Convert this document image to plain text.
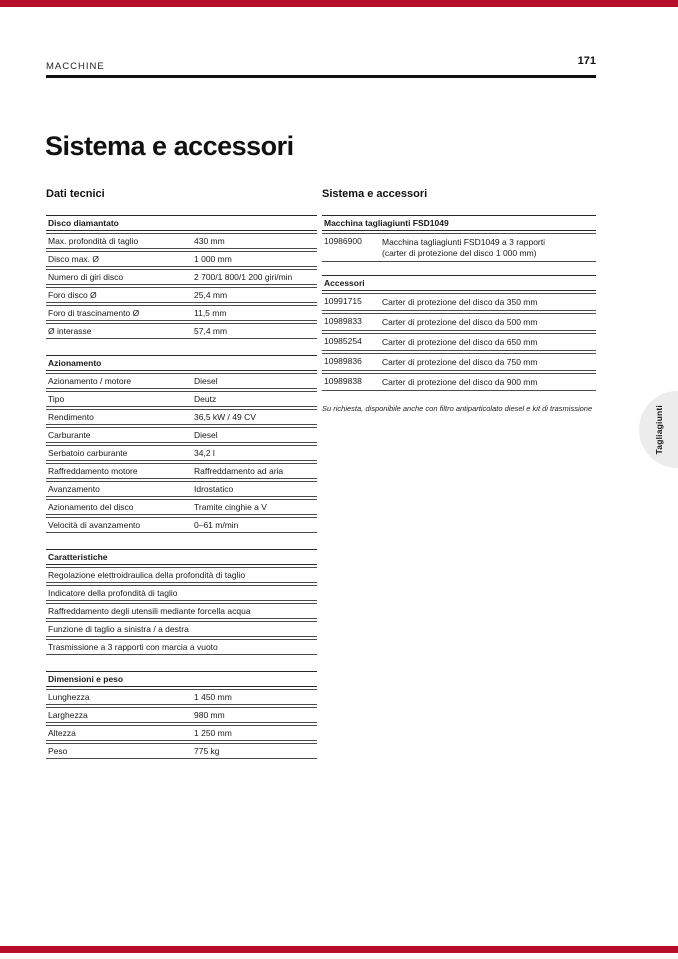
MACCHINE	171
Sistema e accessori
Dati tecnici
Disco diamantato
Max. profondità di taglio	430 mm
Disco max. Ø	1 000 mm
Numero di giri disco	2 700/1 800/1 200 giri/min
Foro disco Ø	25,4 mm
Foro di trascinamento Ø	11,5 mm
Ø interasse	57,4 mm
Azionamento
Azionamento / motore	Diesel
Tipo	Deutz
Rendimento	36,5 kW / 49 CV
Carburante	Diesel
Serbatoio carburante	34,2 l
Raffreddamento motore	Raffreddamento ad aria
Avanzamento	Idrostatico
Azionamento del disco	Tramite cinghie a V
Velocità di avanzamento	0–61 m/min
Caratteristiche
Regolazione elettroidraulica della profondità di taglio
Indicatore della profondità di taglio
Raffreddamento degli utensili mediante forcella acqua
Funzione di taglio a sinistra / a destra
Trasmissione a 3 rapporti con marcia a vuoto
Dimensioni e peso
Lunghezza	1 450 mm
Larghezza	980 mm
Altezza	1 250 mm
Peso	775 kg
Sistema e accessori
Macchina tagliagiunti FSD1049
10986900	Macchina tagliagiunti FSD1049 a 3 rapporti
(carter di protezione del disco 1 000 mm)
Accessori
10991715	Carter di protezione del disco da 350 mm
10989833	Carter di protezione del disco da 500 mm
10985254	Carter di protezione del disco da 650 mm
10989836	Carter di protezione del disco da 750 mm
10989838	Carter di protezione del disco da 900 mm
Su richiesta, disponibile anche con filtro antiparticolato diesel e kit di trasmissione	Tagliagiunti
